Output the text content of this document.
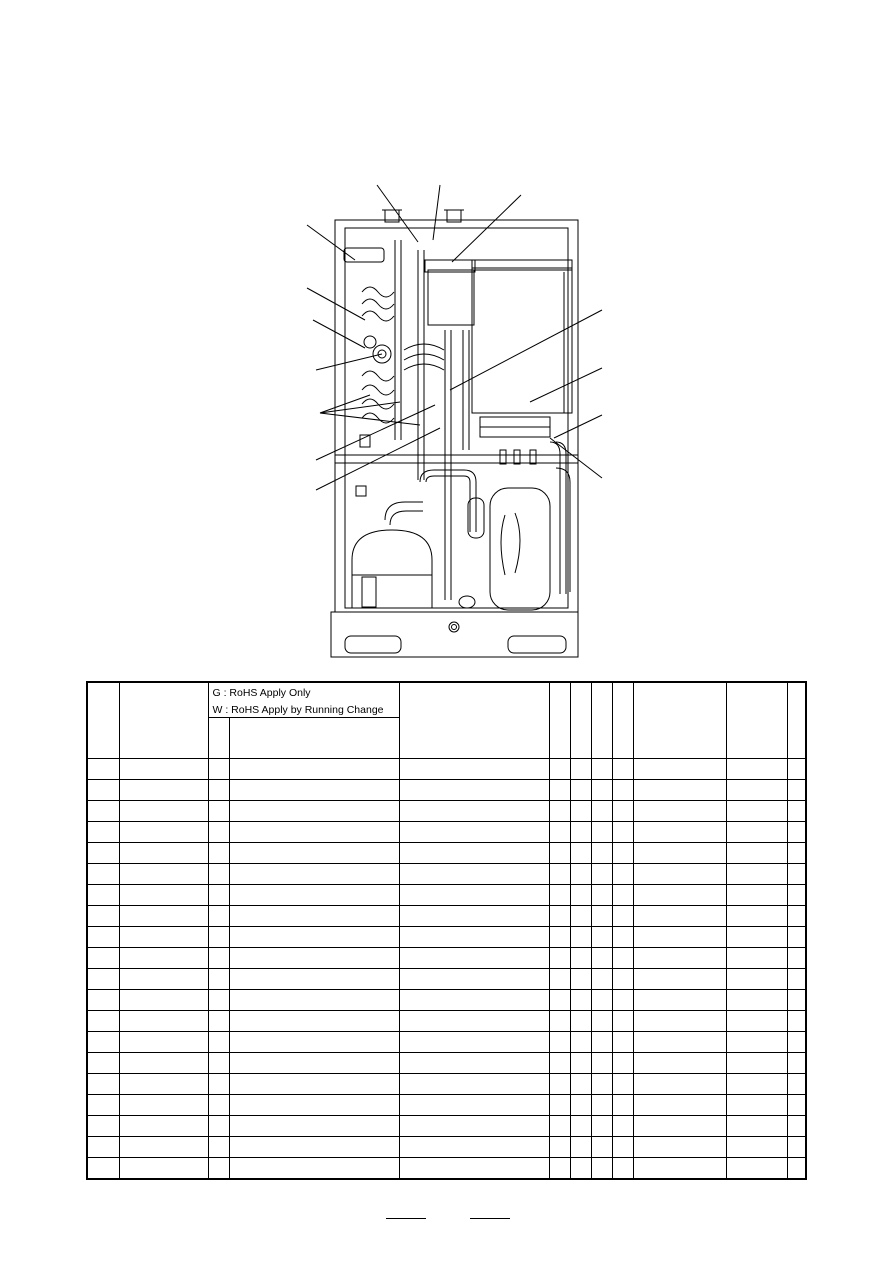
		G : RoHS Apply Only
W : RoHS Apply by Running Change									
